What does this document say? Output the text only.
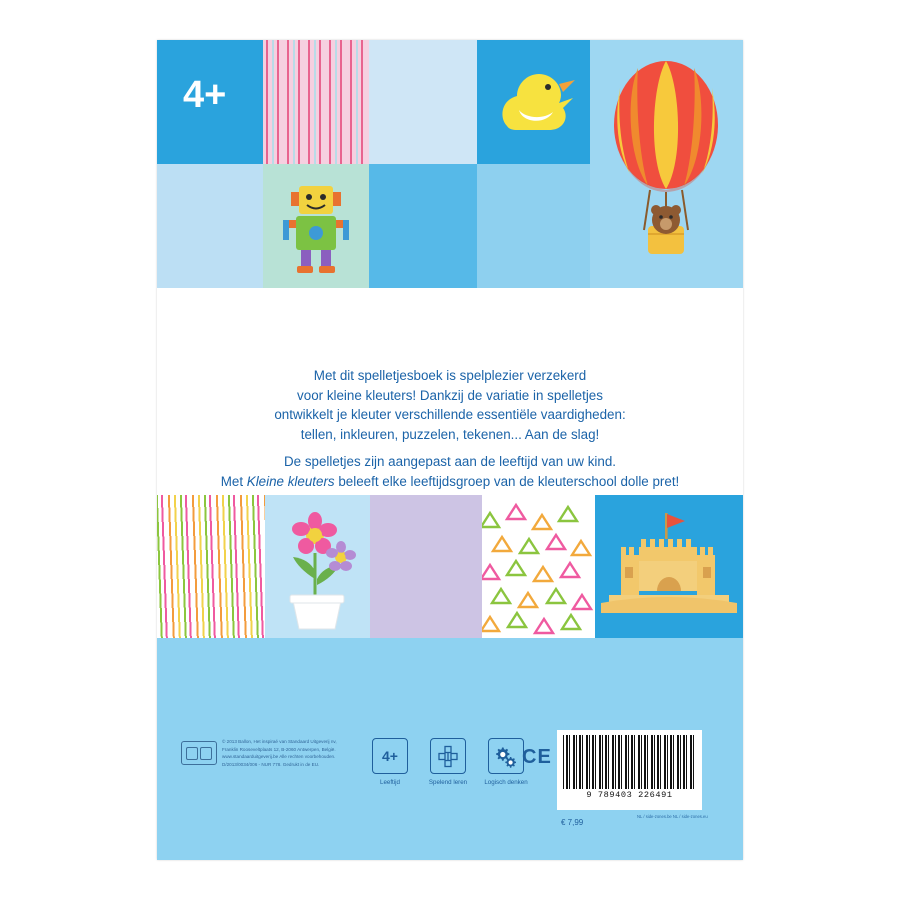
4+
Met dit spelletjesboek is spelplezier verzekerd
voor kleine kleuters! Dankzij de variatie in spelletjes
ontwikkelt je kleuter verschillende essentiële vaardigheden:
tellen, inkleuren, puzzelen, tekenen... Aan de slag!
De spelletjes zijn aangepast aan de leeftijd van uw kind.
Met Kleine kleuters beleeft elke leeftijdsgroep van de kleuterschool dolle pret!
© 2013 Ballon, Het inspiraé van Standaard Uitgeverij nv, Franklin Rooseveltplaats 12, B-2060 Antwerpen, België. www.standaarduitgeverij.be Alle rechten voorbehouden. D/2013/0034/006 - NUR 778. Gedrukt in de EU.
4+
Leeftijd	Spelend leren	Logisch denken
CE
9 789403 226491
€ 7,99
NL / side-zones.be NL / side-zones.eu
